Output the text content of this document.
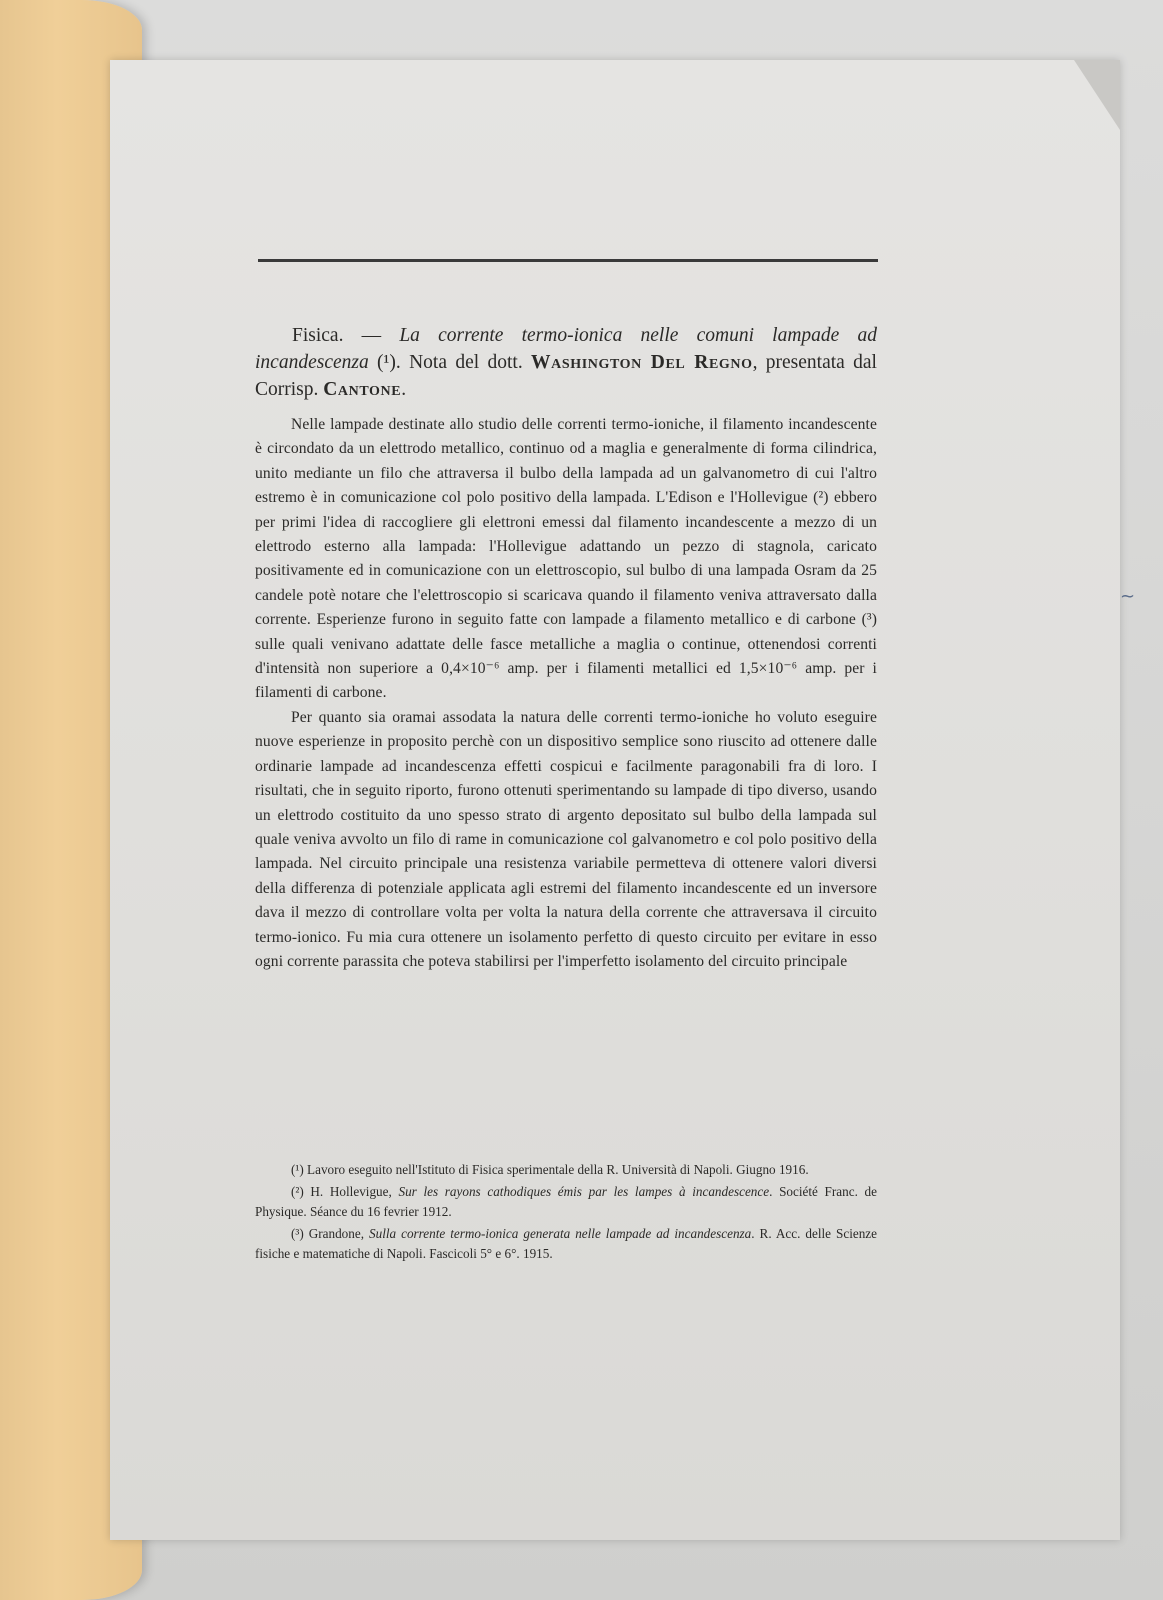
Fisica. — La corrente termo-ionica nelle comuni lampade ad incandescenza (¹). Nota del dott. Washington Del Regno, presentata dal Corrisp. Cantone.

Nelle lampade destinate allo studio delle correnti termo-ioniche, il filamento incandescente è circondato da un elettrodo metallico, continuo od a maglia e generalmente di forma cilindrica, unito mediante un filo che attraversa il bulbo della lampada ad un galvanometro di cui l'altro estremo è in comunicazione col polo positivo della lampada. L'Edison e l'Hollevigue (²) ebbero per primi l'idea di raccogliere gli elettroni emessi dal filamento incandescente a mezzo di un elettrodo esterno alla lampada: l'Hollevigue adattando un pezzo di stagnola, caricato positivamente ed in comunicazione con un elettroscopio, sul bulbo di una lampada Osram da 25 candele potè notare che l'elettroscopio si scaricava quando il filamento veniva attraversato dalla corrente. Esperienze furono in seguito fatte con lampade a filamento metallico e di carbone (³) sulle quali venivano adattate delle fasce metalliche a maglia o continue, ottenendosi correnti d'intensità non superiore a 0,4×10⁻⁶ amp. per i filamenti metallici ed 1,5×10⁻⁶ amp. per i filamenti di carbone.

Per quanto sia oramai assodata la natura delle correnti termo-ioniche ho voluto eseguire nuove esperienze in proposito perchè con un dispositivo semplice sono riuscito ad ottenere dalle ordinarie lampade ad incandescenza effetti cospicui e facilmente paragonabili fra di loro. I risultati, che in seguito riporto, furono ottenuti sperimentando su lampade di tipo diverso, usando un elettrodo costituito da uno spesso strato di argento depositato sul bulbo della lampada sul quale veniva avvolto un filo di rame in comunicazione col galvanometro e col polo positivo della lampada. Nel circuito principale una resistenza variabile permetteva di ottenere valori diversi della differenza di potenziale applicata agli estremi del filamento incandescente ed un inversore dava il mezzo di controllare volta per volta la natura della corrente che attraversava il circuito termo-ionico. Fu mia cura ottenere un isolamento perfetto di questo circuito per evitare in esso ogni corrente parassita che poteva stabilirsi per l'imperfetto isolamento del circuito principale

(¹) Lavoro eseguito nell'Istituto di Fisica sperimentale della R. Università di Napoli. Giugno 1916.

(²) H. Hollevigue, Sur les rayons cathodiques émis par les lampes à incandescence. Société Franc. de Physique. Séance du 16 fevrier 1912.

(³) Grandone, Sulla corrente termo-ionica generata nelle lampade ad incandescenza. R. Acc. delle Scienze fisiche e matematiche di Napoli. Fascicoli 5° e 6°. 1915.

~
